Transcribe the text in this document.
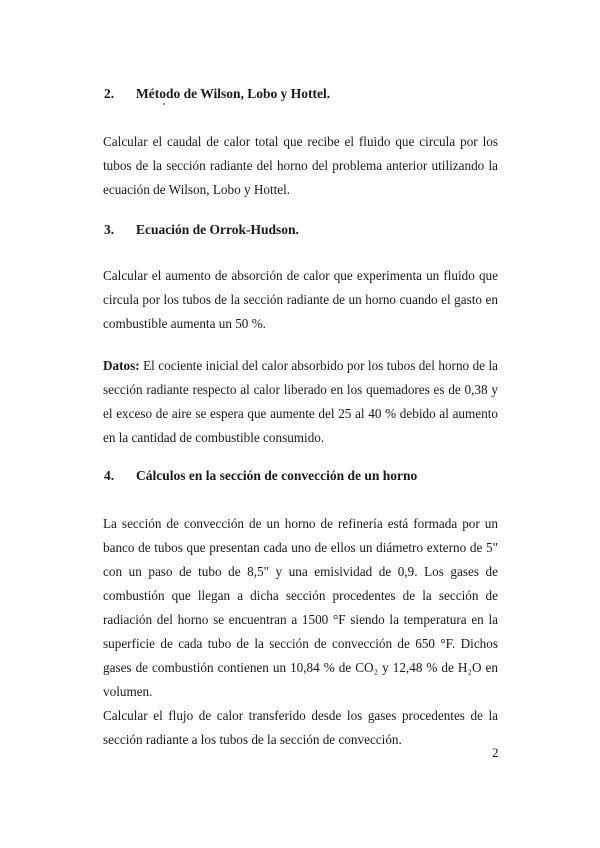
2. Método de Wilson, Lobo y Hottel.
Calcular el caudal de calor total que recibe el fluido que circula por los
tubos de la sección radiante del horno del problema anterior utilizando la
ecuación de Wilson, Lobo y Hottel.
3. Ecuación de Orrok-Hudson.
Calcular el aumento de absorción de calor que experimenta un fluido que
circula por los tubos de la sección radiante de un horno cuando el gasto en
combustible aumenta un 50 %.
Datos: El cociente inicial del calor absorbido por los tubos del horno de la
sección radiante respecto al calor liberado en los quemadores es de 0,38 y
el exceso de aire se espera que aumente del 25 al 40 % debido al aumento
en la cantidad de combustible consumido.
4. Cálculos en la sección de convección de un horno
La sección de convección de un horno de refinería está formada por un
banco de tubos que presentan cada uno de ellos un diámetro externo de 5"
con un paso de tubo de 8,5" y una emisividad de 0,9. Los gases de
combustión que llegan a dicha sección procedentes de la sección de
radiación del horno se encuentran a 1500 °F siendo la temperatura en la
superficie de cada tubo de la sección de convección de 650 °F. Dichos
gases de combustión contienen un 10,84 % de CO₂ y 12,48 % de H₂O en
volumen.
Calcular el flujo de calor transferido desde los gases procedentes de la
sección radiante a los tubos de la sección de convección.
2
